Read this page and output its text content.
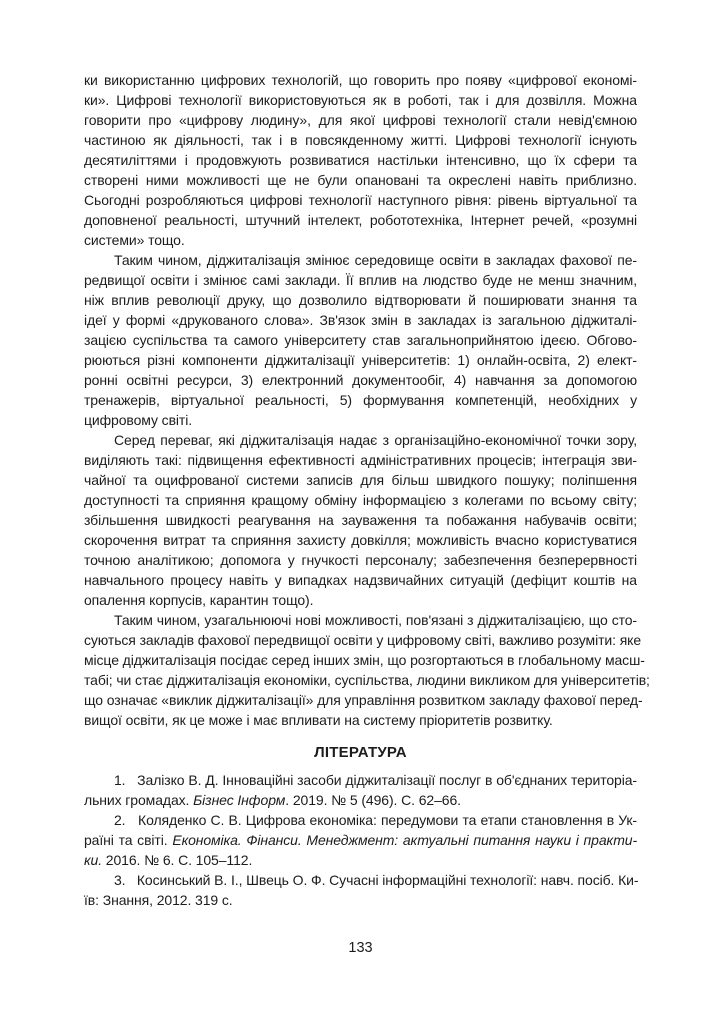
ки використанню цифрових технологій, що говорить про появу «цифрової економі-
ки». Цифрові технології використовуються як в роботі, так і для дозвілля. Можна
говорити про «цифрову людину», для якої цифрові технології стали невід'ємною
частиною як діяльності, так і в повсякденному житті. Цифрові технології існують
десятиліттями і продовжують розвиватися настільки інтенсивно, що їх сфери та
створені ними можливості ще не були опановані та окреслені навіть приблизно.
Сьогодні розробляються цифрові технології наступного рівня: рівень віртуальної та
доповненої реальності, штучний інтелект, робототехніка, Інтернет речей, «розумні
системи» тощо.
Таким чином, діджиталізація змінює середовище освіти в закладах фахової пе-
редвищої освіти і змінює самі заклади. Її вплив на людство буде не менш значним,
ніж вплив революції друку, що дозволило відтворювати й поширювати знання та
ідеї у формі «друкованого слова». Зв'язок змін в закладах із загальною діджиталі-
зацією суспільства та самого університету став загальноприйнятою ідеєю. Обгово-
рюються різні компоненти діджиталізації університетів: 1) онлайн-освіта, 2) елект-
ронні освітні ресурси, 3) електронний документообіг, 4) навчання за допомогою
тренажерів, віртуальної реальності, 5) формування компетенцій, необхідних у
цифровому світі.
Серед переваг, які діджиталізація надає з організаційно-економічної точки зору,
виділяють такі: підвищення ефективності адміністративних процесів; інтеграція зви-
чайної та оцифрованої системи записів для більш швидкого пошуку; поліпшення
доступності та сприяння кращому обміну інформацією з колегами по всьому світу;
збільшення швидкості реагування на зауваження та побажання набувачів освіти;
скорочення витрат та сприяння захисту довкілля; можливість вчасно користуватися
точною аналітикою; допомога у гнучкості персоналу; забезпечення безперервності
навчального процесу навіть у випадках надзвичайних ситуацій (дефіцит коштів на
опалення корпусів, карантин тощо).
Таким чином, узагальнюючі нові можливості, пов'язані з діджиталізацією, що сто-
суються закладів фахової передвищої освіти у цифровому світі, важливо розуміти: яке
місце діджиталізація посідає серед інших змін, що розгортаються в глобальному масш-
табі; чи стає діджиталізація економіки, суспільства, людини викликом для університетів;
що означає «виклик діджиталізації» для управління розвитком закладу фахової перед-
вищої освіти, як це може і має впливати на систему пріоритетів розвитку.
ЛІТЕРАТУРА
1.   Залізко В. Д. Інноваційні засоби діджиталізації послуг в об'єднаних територіа-
льних громадах. Бізнес Інформ. 2019. № 5 (496). С. 62–66.
2.   Коляденко С. В. Цифрова економіка: передумови та етапи становлення в Ук-
раїні та світі. Економіка. Фінанси. Менеджмент: актуальні питання науки і практи-
ки. 2016. № 6. С. 105–112.
3.   Косинський В. І., Швець О. Ф. Сучасні інформаційні технології: навч. посіб. Ки-
їв: Знання, 2012. 319 с.
133
